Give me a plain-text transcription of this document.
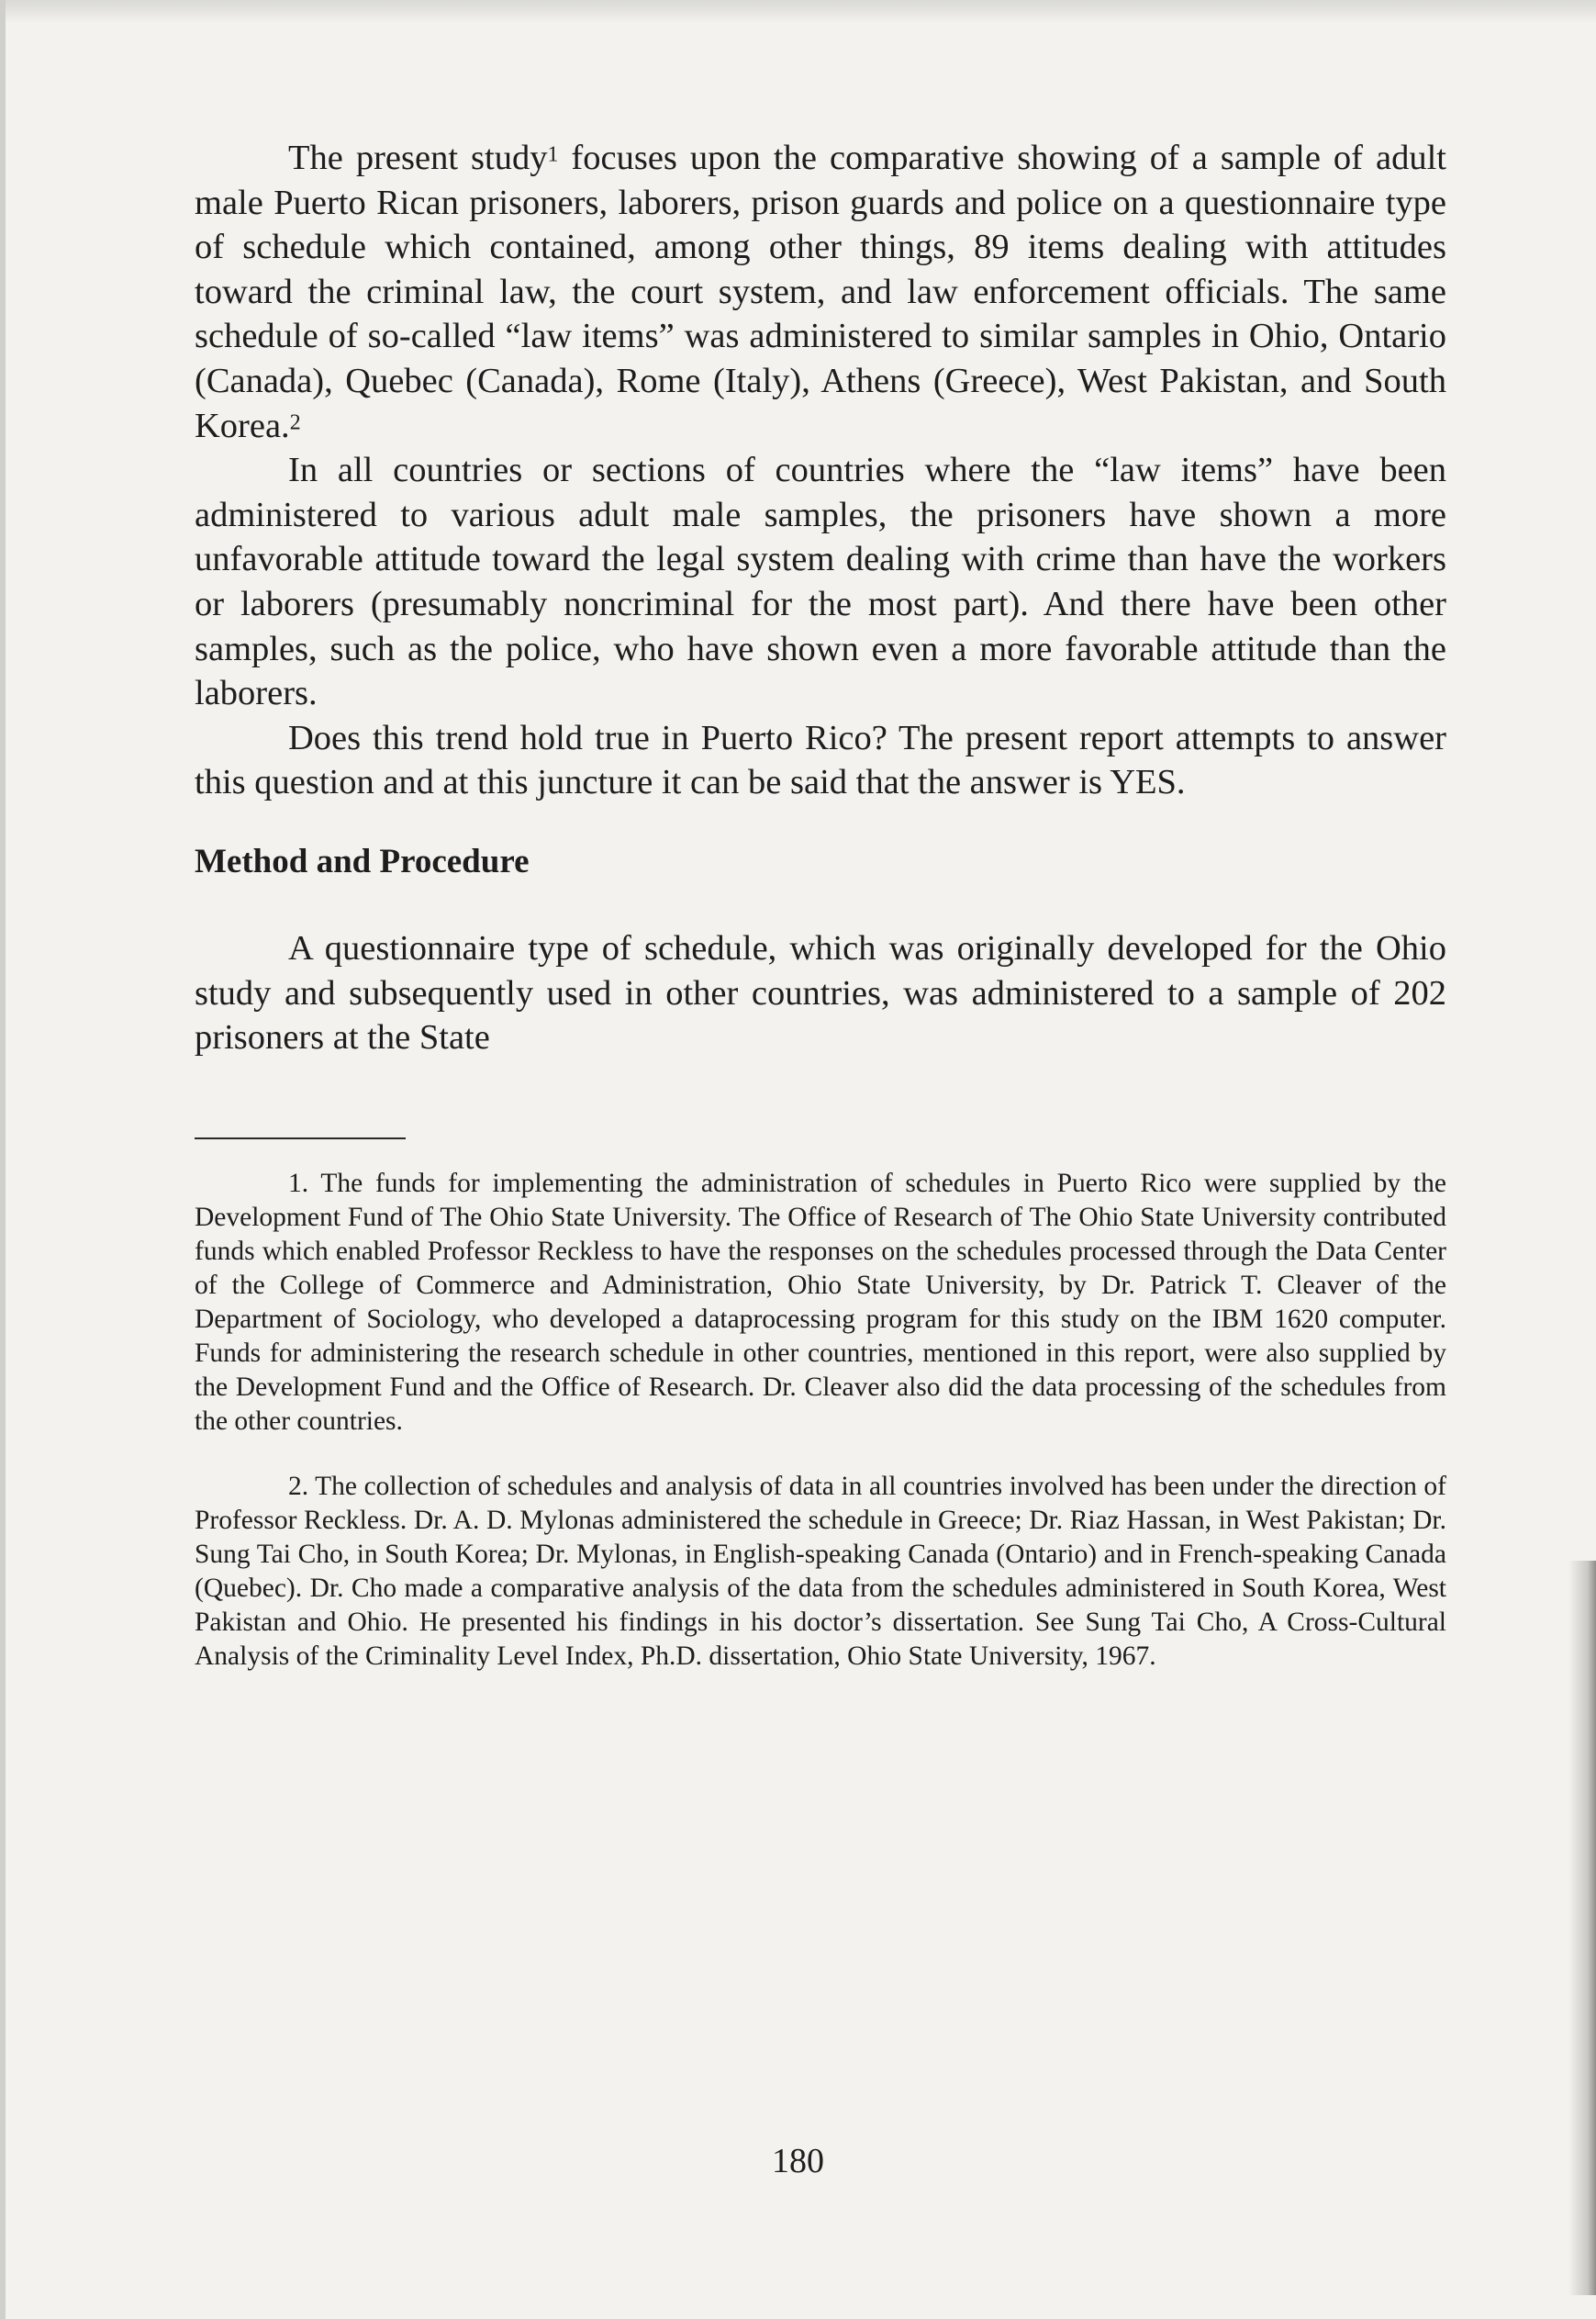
The present study$^1$ focuses upon the comparative showing of a sample of adult male Puerto Rican prisoners, laborers, prison guards and police on a questionnaire type of schedule which contained, among other things, 89 items dealing with attitudes toward the criminal law, the court system, and law enforcement officials. The same schedule of so-called “law items” was administered to similar samples in Ohio, Ontario (Canada), Quebec (Canada), Rome (Italy), Athens (Greece), West Pakistan, and South Korea.$^2$

In all countries or sections of countries where the “law items” have been administered to various adult male samples, the prisoners have shown a more unfavorable attitude toward the legal system dealing with crime than have the workers or laborers (presumably noncriminal for the most part). And there have been other samples, such as the police, who have shown even a more favorable attitude than the laborers.

Does this trend hold true in Puerto Rico? The present report attempts to answer this question and at this juncture it can be said that the answer is YES.

Method and Procedure

A questionnaire type of schedule, which was originally developed for the Ohio study and subsequently used in other countries, was administered to a sample of 202 prisoners at the State

1. The funds for implementing the administration of schedules in Puerto Rico were supplied by the Development Fund of The Ohio State University. The Office of Research of The Ohio State University contributed funds which enabled Professor Reckless to have the responses on the schedules processed through the Data Center of the College of Commerce and Administration, Ohio State University, by Dr. Patrick T. Cleaver of the Department of Sociology, who developed a dataprocessing program for this study on the IBM 1620 computer. Funds for administering the research schedule in other countries, mentioned in this report, were also supplied by the Development Fund and the Office of Research. Dr. Cleaver also did the data processing of the schedules from the other countries.

2. The collection of schedules and analysis of data in all countries involved has been under the direction of Professor Reckless. Dr. A. D. Mylonas administered the schedule in Greece; Dr. Riaz Hassan, in West Pakistan; Dr. Sung Tai Cho, in South Korea; Dr. Mylonas, in English-speaking Canada (Ontario) and in French-speaking Canada (Quebec). Dr. Cho made a comparative analysis of the data from the schedules administered in South Korea, West Pakistan and Ohio. He presented his findings in his doctor’s dissertation. See Sung Tai Cho, A Cross-Cultural Analysis of the Criminality Level Index, Ph.D. dissertation, Ohio State University, 1967.

180
